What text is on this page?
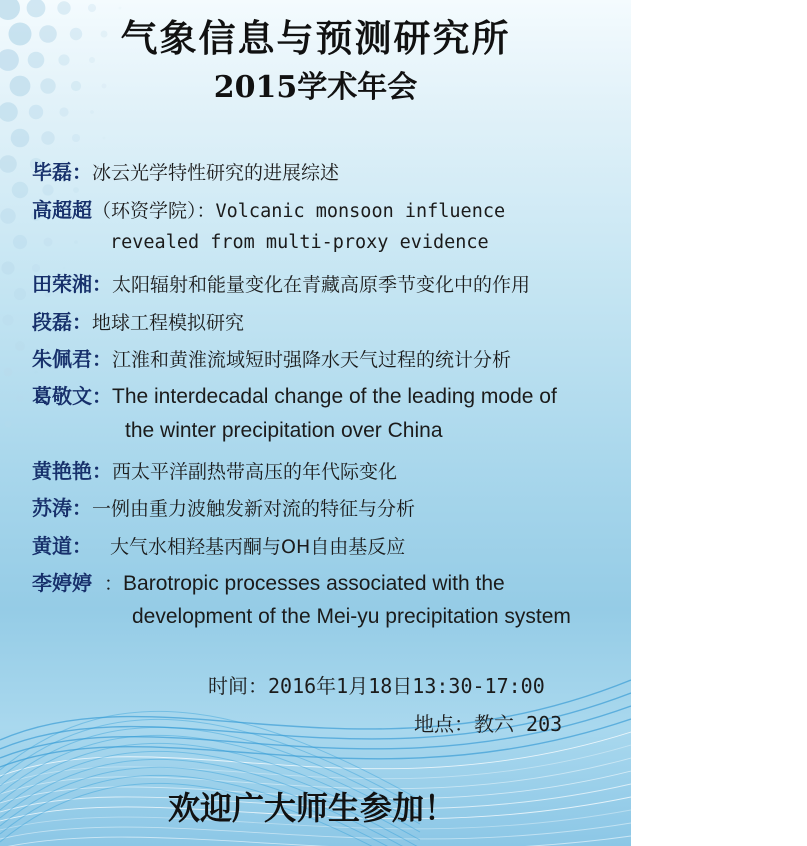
气象信息与预测研究所
2015学术年会
毕磊：冰云光学特性研究的进展综述
高超超（环资学院）：Volcanic monsoon influence
revealed from multi-proxy evidence
田荣湘：太阳辐射和能量变化在青藏高原季节变化中的作用
段磊：地球工程模拟研究
朱佩君：江淮和黄淮流域短时强降水天气过程的统计分析
葛敬文：The interdecadal change of the leading mode of
the winter precipitation over China
黄艳艳：西太平洋副热带高压的年代际变化
苏涛：一例由重力波触发新对流的特征与分析
黄道： 大气水相羟基丙酮与OH自由基反应
李婷婷 ：Barotropic processes associated with the
development of the Mei-yu precipitation system
时间：2016年1月18日13:30-17:00
地点：教六 203
欢迎广大师生参加！
